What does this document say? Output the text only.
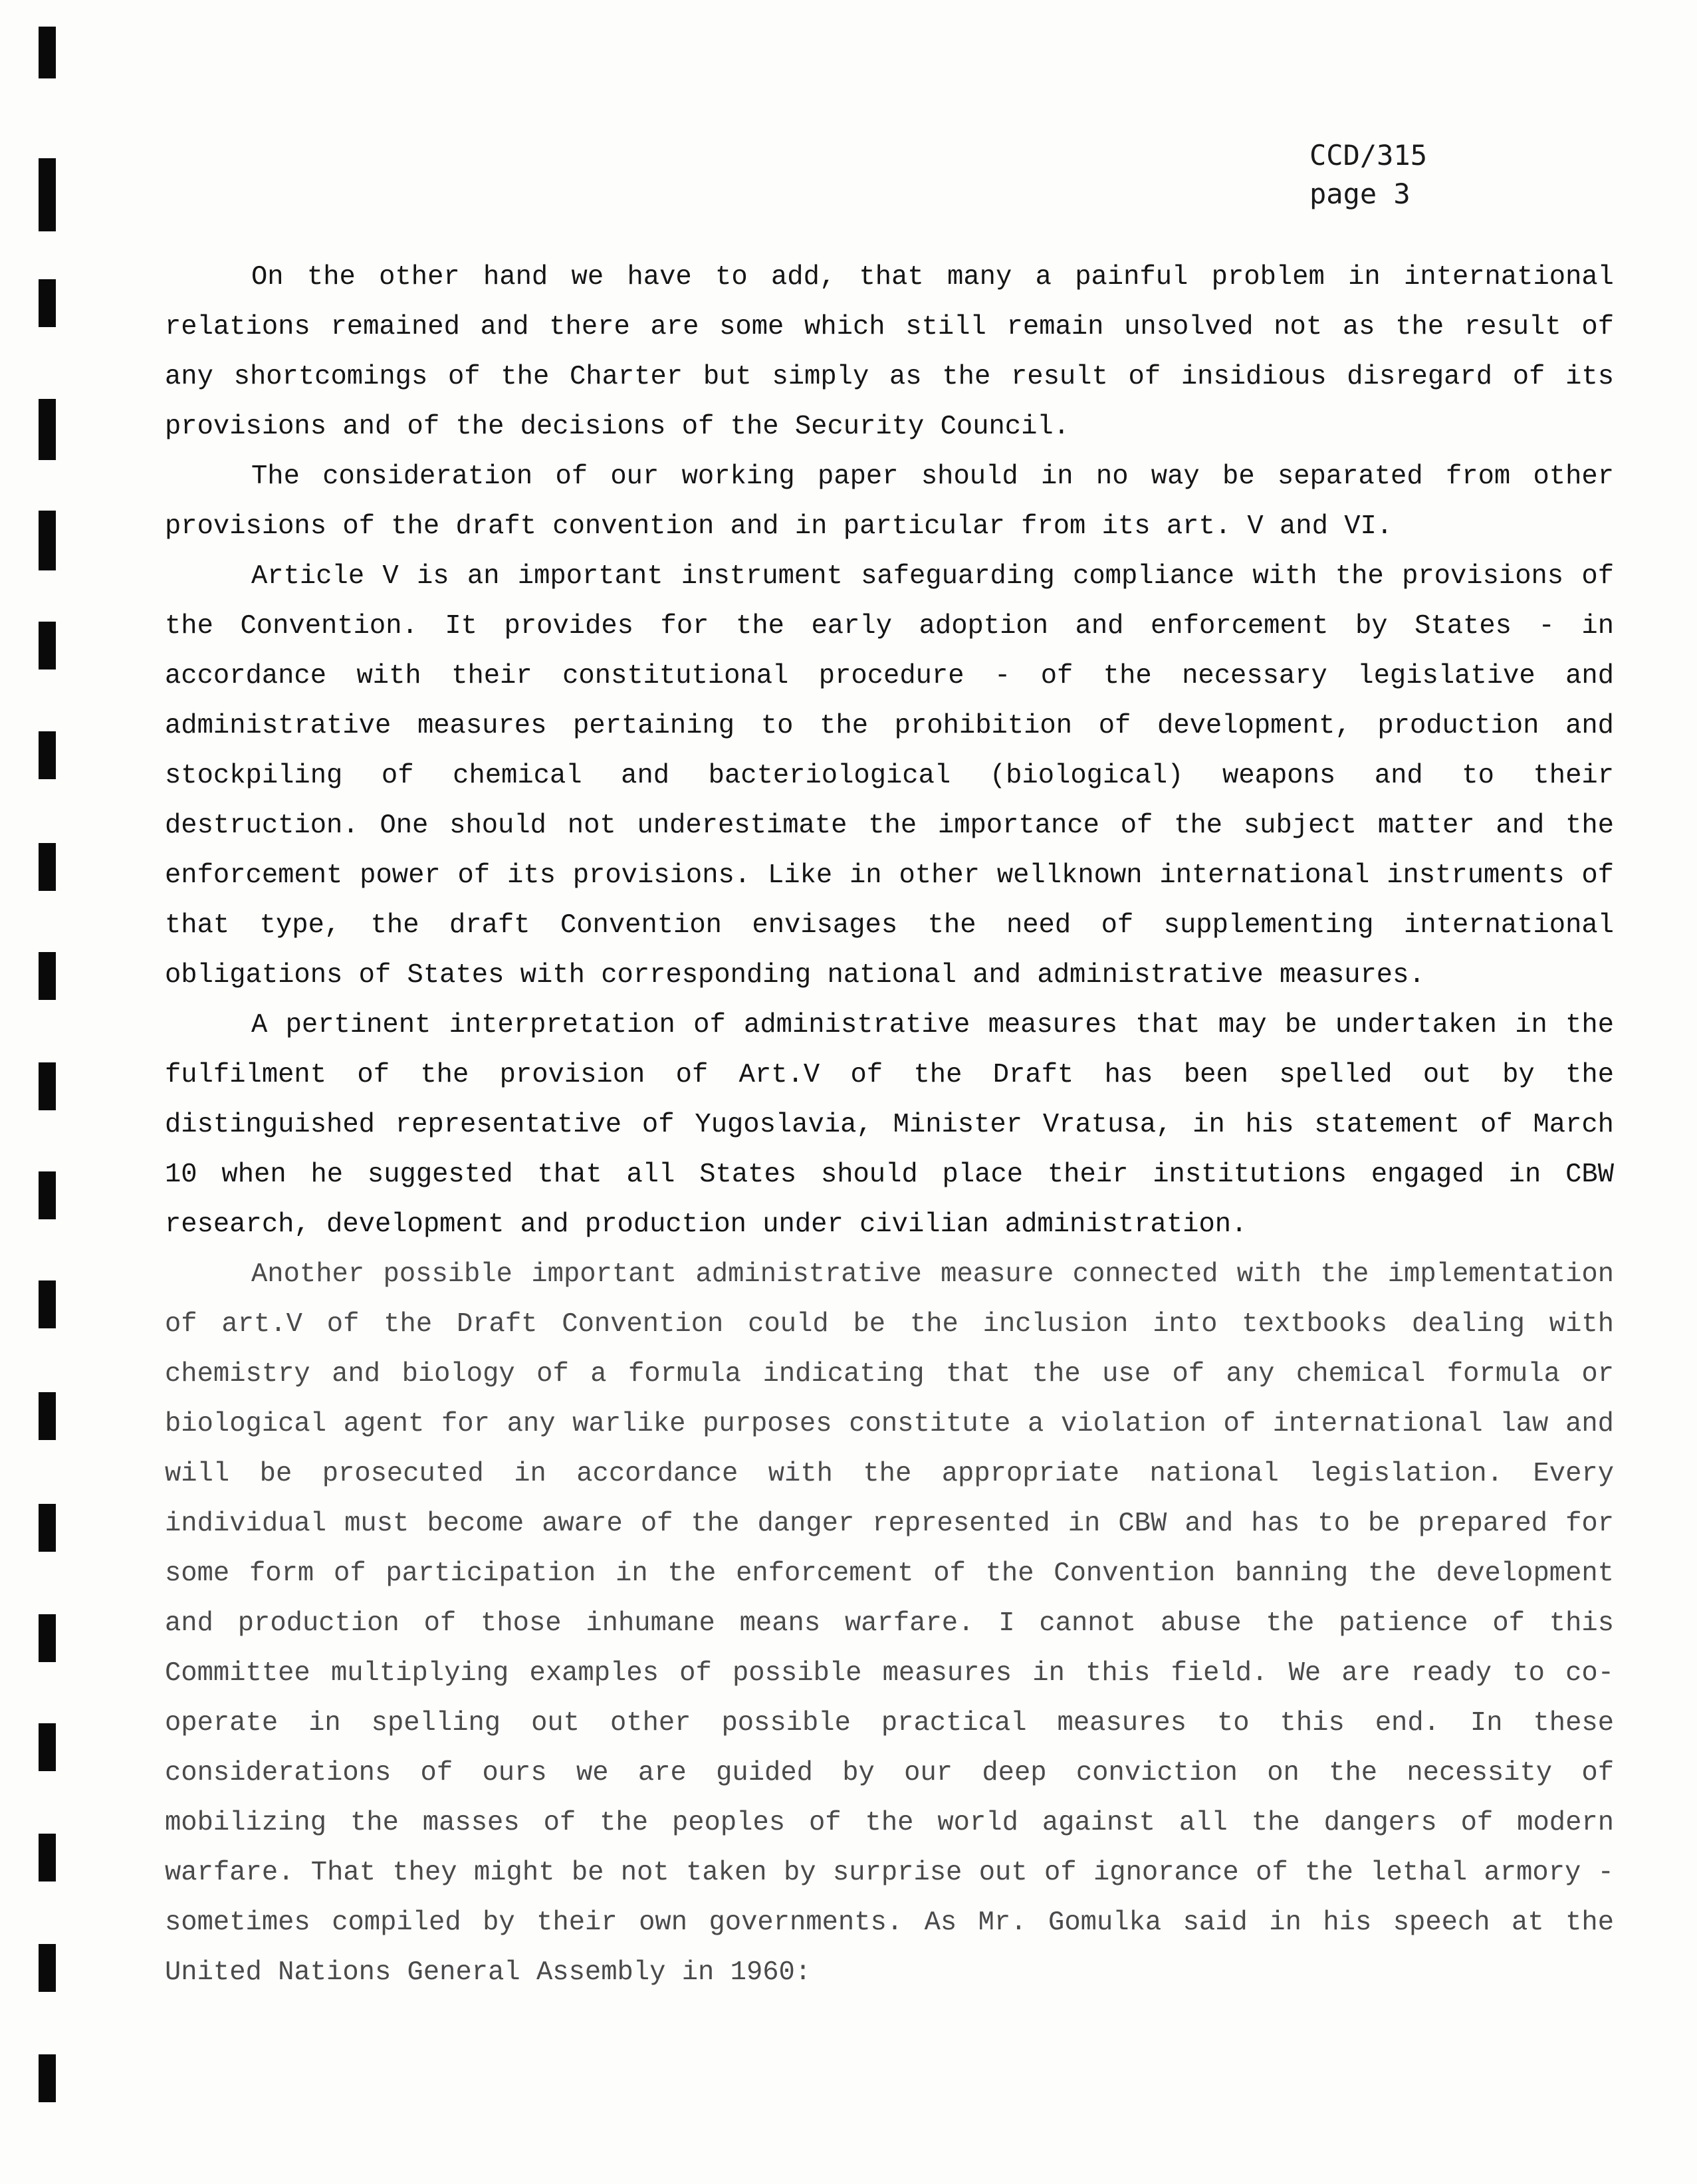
CCD/315
page 3

On the other hand we have to add, that many a painful problem in international relations remained and there are some which still remain unsolved not as the result of any shortcomings of the Charter but simply as the result of insidious disregard of its provisions and of the decisions of the Security Council.

The consideration of our working paper should in no way be separated from other provisions of the draft convention and in particular from its art. V and VI.

Article V is an important instrument safeguarding compliance with the provisions of the Convention. It provides for the early adoption and enforcement by States - in accordance with their constitutional procedure - of the necessary legislative and administrative measures pertaining to the prohibition of development, production and stockpiling of chemical and bacteriological (biological) weapons and to their destruction. One should not underestimate the importance of the subject matter and the enforcement power of its provisions. Like in other wellknown international instruments of that type, the draft Convention envisages the need of supplementing international obligations of States with corresponding national and administrative measures.

A pertinent interpretation of administrative measures that may be undertaken in the fulfilment of the provision of Art.V of the Draft has been spelled out by the distinguished representative of Yugoslavia, Minister Vratusa, in his statement of March 10 when he suggested that all States should place their institutions engaged in CBW research, development and production under civilian administration.

Another possible important administrative measure connected with the implementation of art.V of the Draft Convention could be the inclusion into textbooks dealing with chemistry and biology of a formula indicating that the use of any chemical formula or biological agent for any warlike purposes constitute a violation of international law and will be prosecuted in accordance with the appropriate national legislation. Every individual must become aware of the danger represented in CBW and has to be prepared for some form of participation in the enforcement of the Convention banning the development and production of those inhumane means warfare. I cannot abuse the patience of this Committee multiplying examples of possible measures in this field. We are ready to co-operate in spelling out other possible practical measures to this end. In these considerations of ours we are guided by our deep conviction on the necessity of mobilizing the masses of the peoples of the world against all the dangers of modern warfare. That they might be not taken by surprise out of ignorance of the lethal armory - sometimes compiled by their own governments. As Mr. Gomulka said in his speech at the United Nations General Assembly in 1960:
